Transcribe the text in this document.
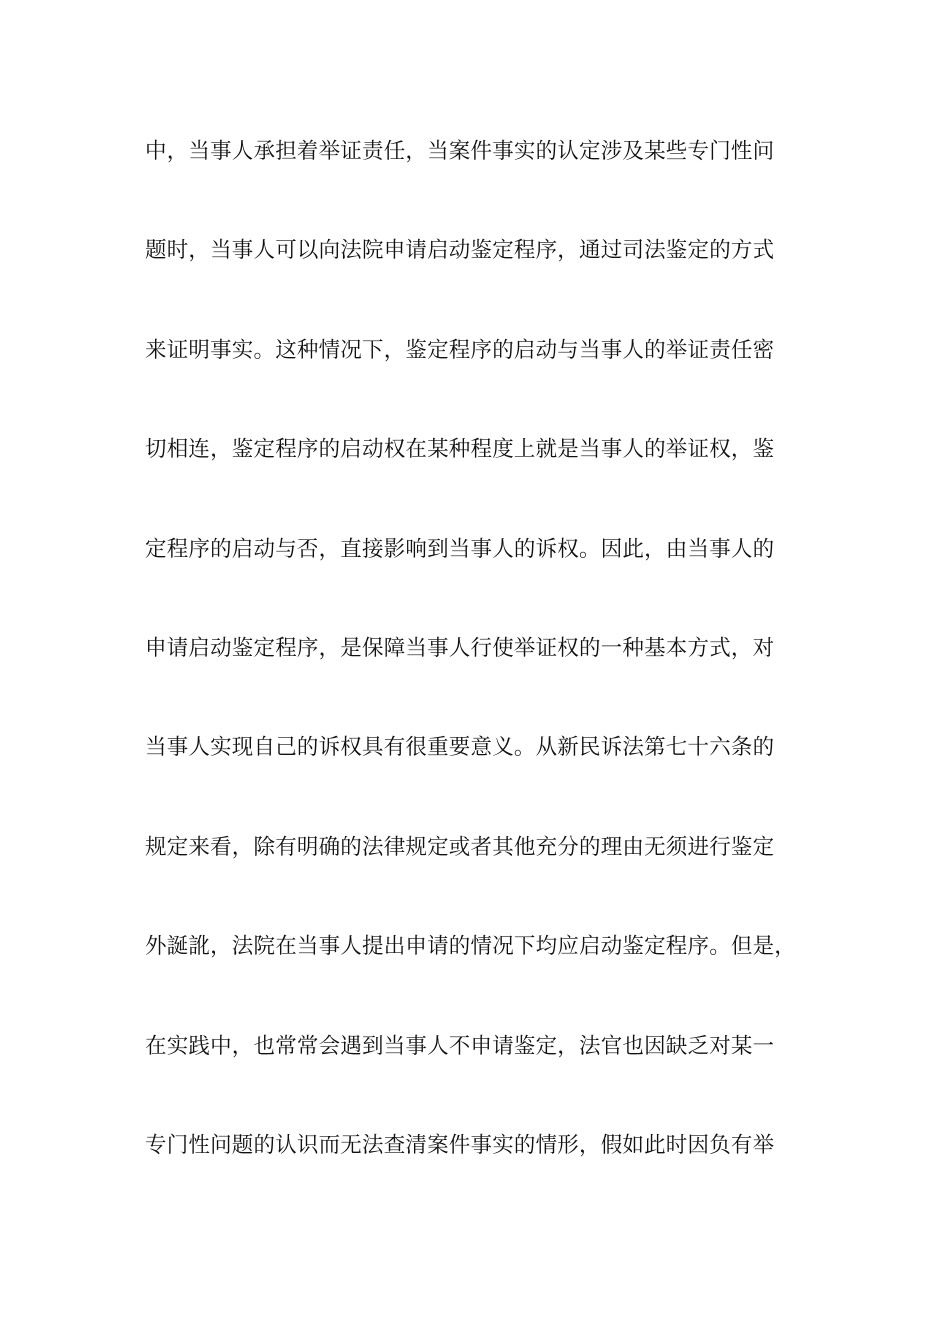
中，当事人承担着举证责任，当案件事实的认定涉及某些专门性问
题时，当事人可以向法院申请启动鉴定程序，通过司法鉴定的方式
来证明事实。这种情况下，鉴定程序的启动与当事人的举证责任密
切相连，鉴定程序的启动权在某种程度上就是当事人的举证权，鉴
定程序的启动与否，直接影响到当事人的诉权。因此，由当事人的
申请启动鉴定程序，是保障当事人行使举证权的一种基本方式，对
当事人实现自己的诉权具有很重要意义。从新民诉法第七十六条的
规定来看，除有明确的法律规定或者其他充分的理由无须进行鉴定
外誕訛，法院在当事人提出申请的情况下均应启动鉴定程序。但是，
在实践中，也常常会遇到当事人不申请鉴定，法官也因缺乏对某一
专门性问题的认识而无法查清案件事实的情形，假如此时因负有举
